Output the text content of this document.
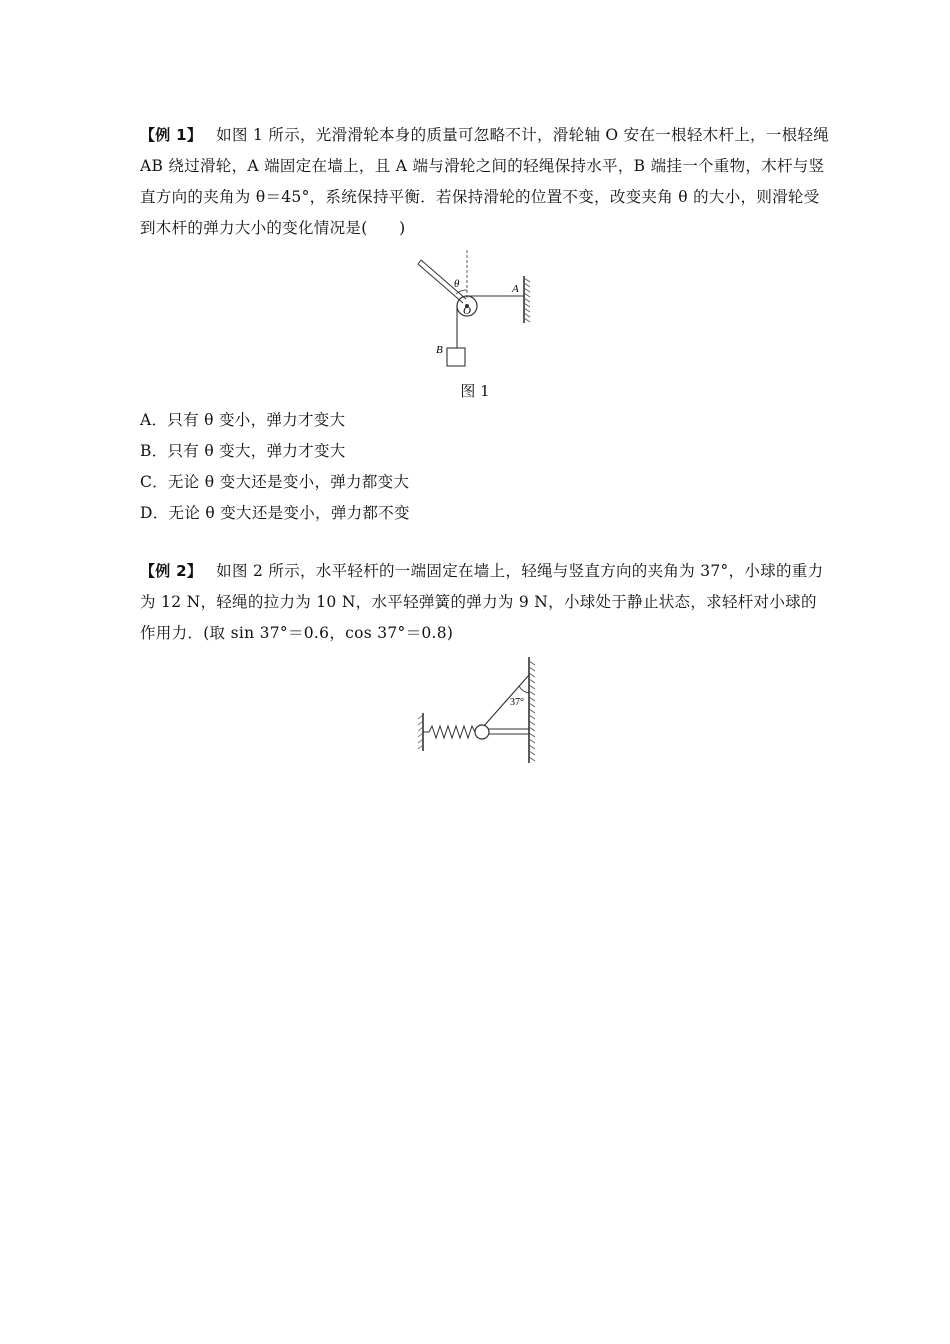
【例 1】 如图 1 所示，光滑滑轮本身的质量可忽略不计，滑轮轴 O 安在一根轻木杆上，一根轻绳 AB 绕过滑轮，A 端固定在墙上，且 A 端与滑轮之间的轻绳保持水平，B 端挂一个重物，木杆与竖直方向的夹角为 θ＝45°，系统保持平衡．若保持滑轮的位置不变，改变夹角 θ 的大小，则滑轮受到木杆的弹力大小的变化情况是(　　)
θ	A
O
B
图 1
A．只有 θ 变小，弹力才变大
B．只有 θ 变大，弹力才变大
C．无论 θ 变大还是变小，弹力都变大
D．无论 θ 变大还是变小，弹力都不变
【例 2】 如图 2 所示，水平轻杆的一端固定在墙上，轻绳与竖直方向的夹角为 37°，小球的重力为 12 N，轻绳的拉力为 10 N，水平轻弹簧的弹力为 9 N，小球处于静止状态，求轻杆对小球的作用力．(取 sin 37°＝0.6，cos 37°＝0.8)
37°
